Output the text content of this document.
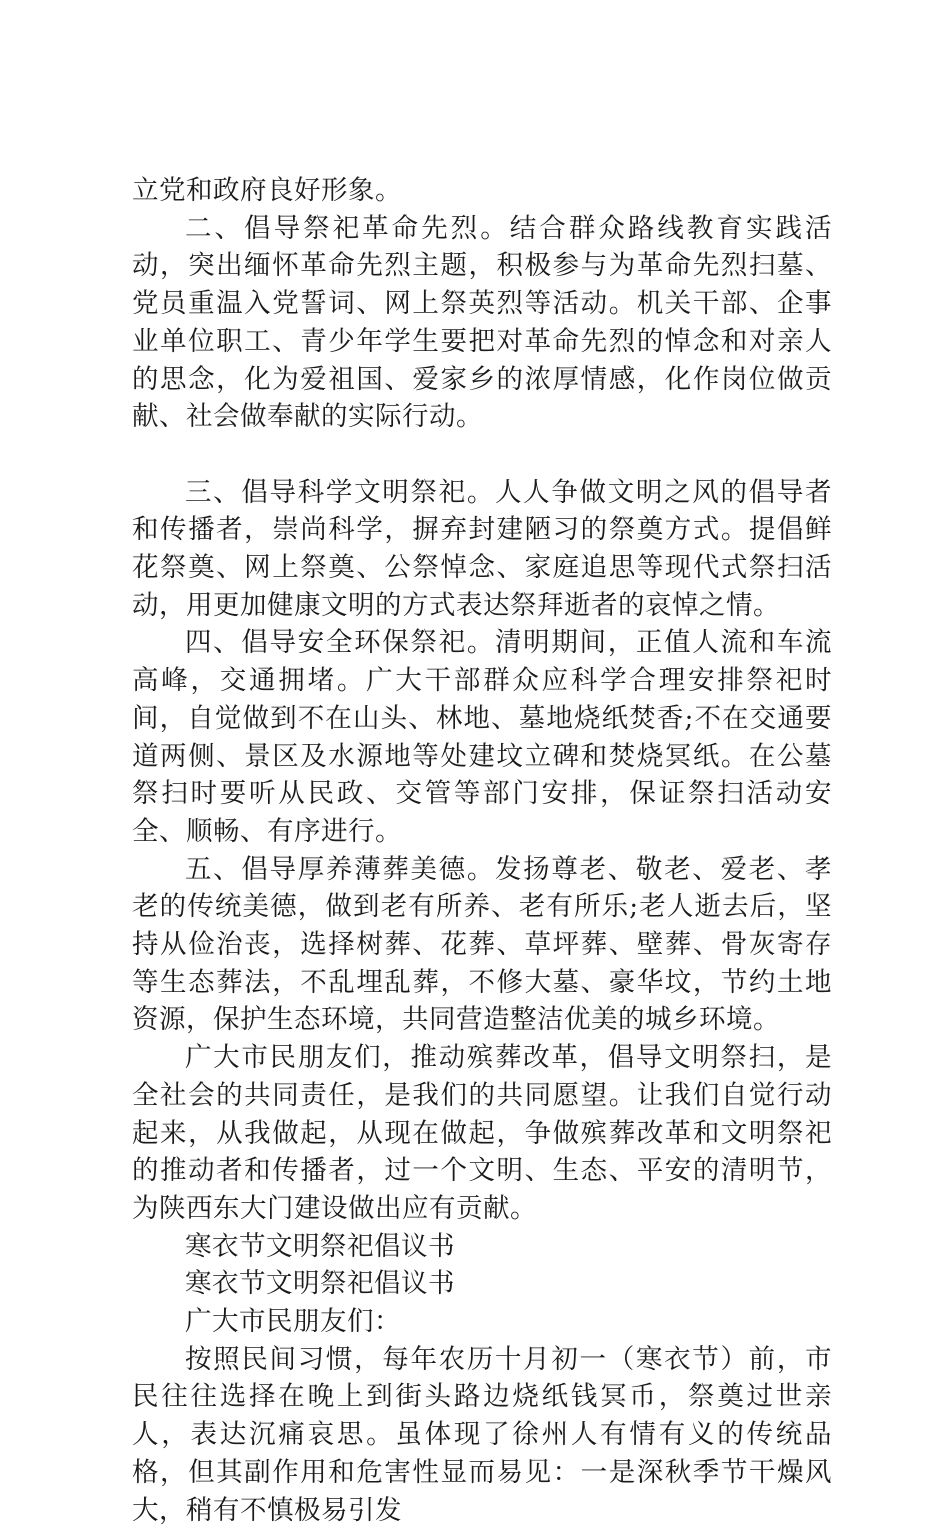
立党和政府良好形象。

二、倡导祭祀革命先烈。结合群众路线教育实践活动，突出缅怀革命先烈主题，积极参与为革命先烈扫墓、党员重温入党誓词、网上祭英烈等活动。机关干部、企事业单位职工、青少年学生要把对革命先烈的悼念和对亲人的思念，化为爱祖国、爱家乡的浓厚情感，化作岗位做贡献、社会做奉献的实际行动。

三、倡导科学文明祭祀。人人争做文明之风的倡导者和传播者，崇尚科学，摒弃封建陋习的祭奠方式。提倡鲜花祭奠、网上祭奠、公祭悼念、家庭追思等现代式祭扫活动，用更加健康文明的方式表达祭拜逝者的哀悼之情。

四、倡导安全环保祭祀。清明期间，正值人流和车流高峰，交通拥堵。广大干部群众应科学合理安排祭祀时间，自觉做到不在山头、林地、墓地烧纸焚香;不在交通要道两侧、景区及水源地等处建坟立碑和焚烧冥纸。在公墓祭扫时要听从民政、交管等部门安排，保证祭扫活动安全、顺畅、有序进行。

五、倡导厚养薄葬美德。发扬尊老、敬老、爱老、孝老的传统美德，做到老有所养、老有所乐;老人逝去后，坚持从俭治丧，选择树葬、花葬、草坪葬、壁葬、骨灰寄存等生态葬法，不乱埋乱葬，不修大墓、豪华坟，节约土地资源，保护生态环境，共同营造整洁优美的城乡环境。

广大市民朋友们，推动殡葬改革，倡导文明祭扫，是全社会的共同责任，是我们的共同愿望。让我们自觉行动起来，从我做起，从现在做起，争做殡葬改革和文明祭祀的推动者和传播者，过一个文明、生态、平安的清明节，为陕西东大门建设做出应有贡献。

寒衣节文明祭祀倡议书

寒衣节文明祭祀倡议书

广大市民朋友们：

按照民间习惯，每年农历十月初一（寒衣节）前，市民往往选择在晚上到街头路边烧纸钱冥币，祭奠过世亲人，表达沉痛哀思。虽体现了徐州人有情有义的传统品格，但其副作用和危害性显而易见：一是深秋季节干燥风大，稍有不慎极易引发
